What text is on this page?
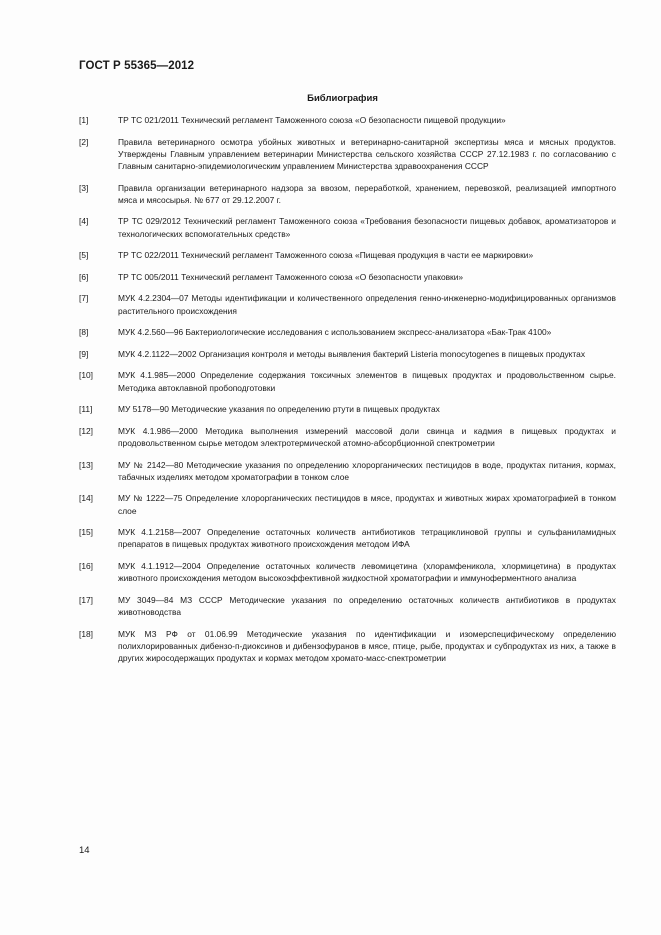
ГОСТ Р 55365—2012
Библиография
[1]	ТР ТС 021/2011 Технический регламент Таможенного союза «О безопасности пищевой продукции»
[2]	Правила ветеринарного осмотра убойных животных и ветеринарно-санитарной экспертизы мяса и мясных продуктов. Утверждены Главным управлением ветеринарии Министерства сельского хозяйства СССР 27.12.1983 г. по согласованию с Главным санитарно-эпидемиологическим управлением Министерства здравоохранения СССР
[3]	Правила организации ветеринарного надзора за ввозом, переработкой, хранением, перевозкой, реализацией импортного мяса и мясосырья. № 677 от 29.12.2007 г.
[4]	ТР ТС 029/2012 Технический регламент Таможенного союза «Требования безопасности пищевых добавок, ароматизаторов и технологических вспомогательных средств»
[5]	ТР ТС 022/2011 Технический регламент Таможенного союза «Пищевая продукция в части ее маркировки»
[6]	ТР ТС 005/2011 Технический регламент Таможенного союза «О безопасности упаковки»
[7]	МУК 4.2.2304—07 Методы идентификации и количественного определения генно-инженерно-модифицированных организмов растительного происхождения
[8]	МУК 4.2.560—96 Бактериологические исследования с использованием экспресс-анализатора «Бак-Трак 4100»
[9]	МУК 4.2.1122—2002 Организация контроля и методы выявления бактерий Listeria monocytogenes в пищевых продуктах
[10]	МУК 4.1.985—2000 Определение содержания токсичных элементов в пищевых продуктах и продовольственном сырье. Методика автоклавной пробоподготовки
[11]	МУ 5178—90 Методические указания по определению ртути в пищевых продуктах
[12]	МУК 4.1.986—2000 Методика выполнения измерений массовой доли свинца и кадмия в пищевых продуктах и продовольственном сырье методом электротермической атомно-абсорбционной спектрометрии
[13]	МУ № 2142—80 Методические указания по определению хлорорганических пестицидов в воде, продуктах питания, кормах, табачных изделиях методом хроматографии в тонком слое
[14]	МУ № 1222—75 Определение хлорорганических пестицидов в мясе, продуктах и животных жирах хроматографией в тонком слое
[15]	МУК 4.1.2158—2007 Определение остаточных количеств антибиотиков тетрациклиновой группы и сульфаниламидных препаратов в пищевых продуктах животного происхождения методом ИФА
[16]	МУК 4.1.1912—2004 Определение остаточных количеств левомицетина (хлорамфеникола, хлормицетина) в продуктах животного происхождения методом высокоэффективной жидкостной хроматографии и иммуноферментного анализа
[17]	МУ 3049—84 МЗ СССР Методические указания по определению остаточных количеств антибиотиков в продуктах животноводства
[18]	МУК МЗ РФ от 01.06.99 Методические указания по идентификации и изомерспецифическому определению полихлорированных дибензо-п-диоксинов и дибензофуранов в мясе, птице, рыбе, продуктах и субпродуктах из них, а также в других жиросодержащих продуктах и кормах методом хромато-масс-спектрометрии
14
